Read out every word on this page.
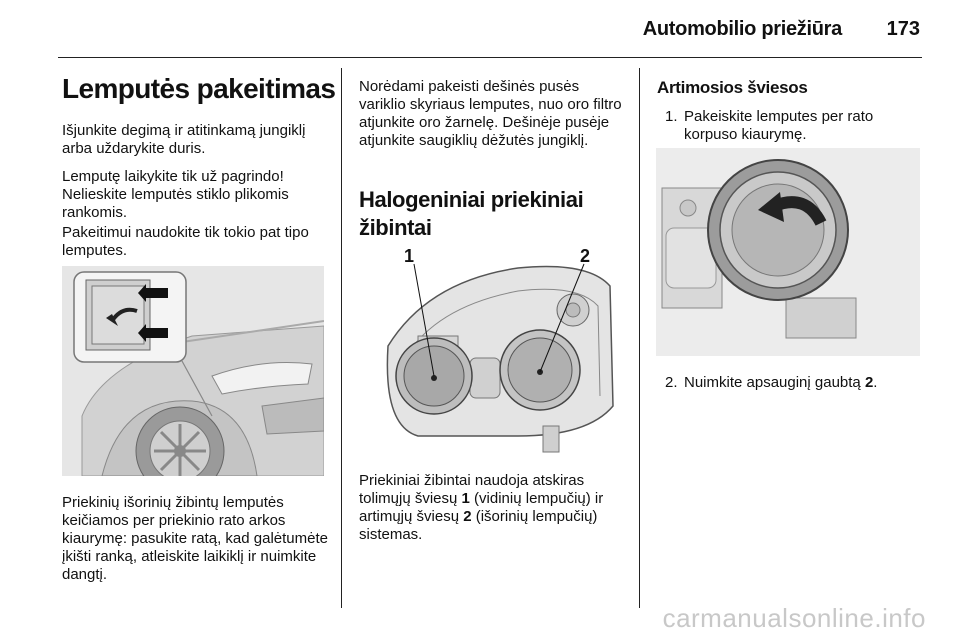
Automobilio priežiūra 173
Lemputės pakeitimas

Išjunkite degimą ir atitinkamą jungiklį arba uždarykite duris.

Lemputę laikykite tik už pagrindo! Nelieskite lemputės stiklo plikomis rankomis.

Pakeitimui naudokite tik tokio pat tipo lemputes.

Priekinių išorinių žibintų lemputės keičiamos per priekinio rato arkos kiaurymę: pasukite ratą, kad galėtumėte įkišti ranką, atleiskite laikiklį ir nuimkite dangtį.

Norėdami pakeisti dešinės pusės variklio skyriaus lemputes, nuo oro filtro atjunkite oro žarnelę. Dešinėje pusėje atjunkite saugiklių dėžutės jungiklį.

Halogeniniai priekiniai žibintai
1	2

Priekiniai žibintai naudoja atskiras tolimųjų šviesų 1 (vidinių lempučių) ir artimųjų šviesų 2 (išorinių lempučių) sistemas.

Artimosios šviesos
1. Pakeiskite lemputes per rato korpuso kiaurymę.
2. Nuimkite apsauginį gaubtą 2.
carmanualsonline.info
